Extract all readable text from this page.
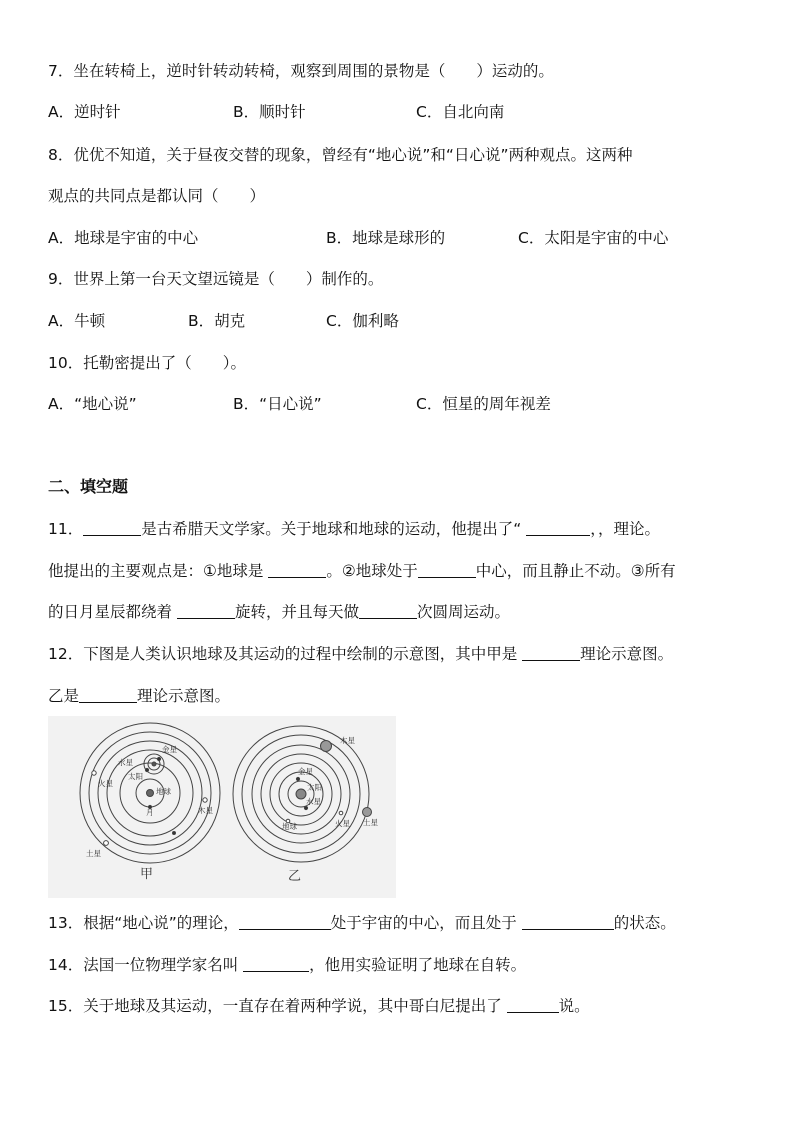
7．坐在转椅上，逆时针转动转椅，观察到周围的景物是（　　）运动的。
A．逆时针	B．顺时针	C．自北向南
8．优优不知道，关于昼夜交替的现象，曾经有“地心说”和“日心说”两种观点。这两种
观点的共同点是都认同（　　）
A．地球是宇宙的中心	B．地球是球形的	C．太阳是宇宙的中心
9．世界上第一台天文望远镜是（　　）制作的。
A．牛顿	B．胡克	C．伽利略
10．托勒密提出了（　　）。
A．“地心说”	B．“日心说”	C．恒星的周年视差
二、填空题
11．	是古希腊天文学家。关于地球和地球的运动，他提出了“	，，理论。
他提出的主要观点是：①地球是	。②地球处于	中心，而且静止不动。③所有
的日月星辰都绕着	旋转，并且每天做	次圆周运动。
12．下图是人类认识地球及其运动的过程中绘制的示意图，其中甲是	理论示意图。
乙是	理论示意图。
水星
金星
太阳
地球
月
火星
木星
土星
甲
木星
金星
太阳
水星
地球	火星 土星
乙
13．根据“地心说”的理论，	处于宇宙的中心，而且处于	的状态。
14．法国一位物理学家名叫	，他用实验证明了地球在自转。
15．关于地球及其运动，一直存在着两种学说，其中哥白尼提出了	说。
